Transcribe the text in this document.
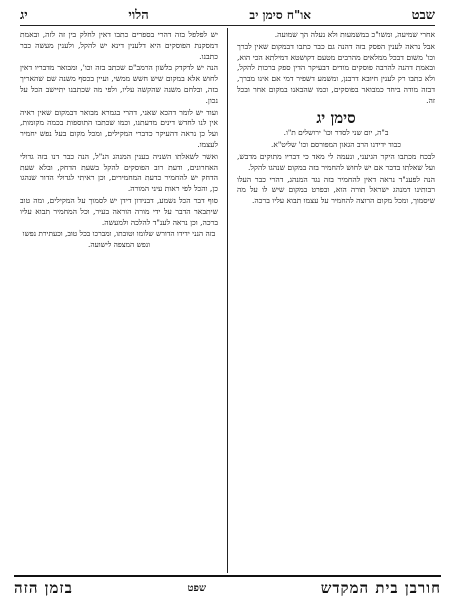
שבט
או"ח סימן יב
הלוי
יג

אחרי שמיעה, ומשו"כ במשמעות ולא נעלה הך שמועה.

אבל נראה לענין הפסק בזה דהנה גם כבר כתבו דבמקום שאין לברך וכו' משום דבכל ממלאים מהרבים מטעם דקושטא דמילתא הכי הוא, ובאמת דהנה להרבה פוסקים מודים דבעיקר הדין ספק ברכות להקל, ולא כתבו רק לענין חיובא דרבנן, ומשמע דשפיר דמי אם אינו מברך, דבזה מודה ביחד כמבואר בפוסקים, וכמו שהבאנו במקום אחר ובכל זה.

סימן יג

ב"ה, יום שני לסדר וכו' ירושלים ת"ו.

כבוד ידידנו הרב הגאון המפורסם וכו' שליט"א.

לבכח מכתבו היקר הגיעני, ונעמה לי מאד כי דבריו מתוקים מדבש, ועל שאלתו בדבר אם יש לחוש להחמיר בזה במקום שנהגו להקל.

הנה לפענ"ד נראה דאין להחמיר בזה נגד המנהג, דהרי כבר העלו רבותינו דמנהג ישראל תורה הוא, ובפרט במקום שיש לו על מה שיסמוך, ומכל מקום הרוצה להחמיר על עצמו תבוא עליו ברכה.

יש לפלפל בזה דהרי בספרים כתבו דאין לחלק בין זה לזה, ובאמת דמסקנת הפוסקים היא דלענין דינא יש להקל, ולענין מעשה כבר כתבנו.

הנה יש לדקדק בלשון הרמב"ם שכתב בזה וכו', ומבואר מדבריו דאין לחוש אלא במקום שיש חשש ממשי, ועיין בכסף משנה שם שהאריך בזה, ובלחם משנה שהקשה עליו, ולפי מה שכתבנו יתיישב הכל על נכון.

ועוד יש לומר דהכא שאני, דהרי בגמרא מבואר דבמקום שאין ראיה אין לנו לחדש דינים מדעתנו, וכמו שכתבו התוספות בכמה מקומות, ועל כן נראה דהעיקר כדברי המקילים, ומכל מקום בעל נפש יחמיר לעצמו.

ואשר לשאלתו השניה בענין המנהג הנ"ל, הנה כבר דנו בזה גדולי האחרונים, ודעת רוב הפוסקים להקל בשעת הדחק, ובלא שעת הדחק יש להחמיר כדעת המחמירים, וכן ראיתי לגדולי הדור שנהגו כן, והכל לפי ראות עיני המורה.

סוף דבר הכל נשמע, דבנידון דידן יש לסמוך על המקילים, ומה טוב שיתבאר הדבר על ידי מורה הוראה בעיר, וכל המחמיר תבוא עליו ברכה, וכן נראה לענ"ד להלכה ולמעשה.

בזה הנני ידידו הדורש שלומו וטובתו, ומברכו בכל טוב, וכעתירת נפשו ונפש המצפה לישועה.

חורבן בית המקדש
שפט
בזמן הזה
